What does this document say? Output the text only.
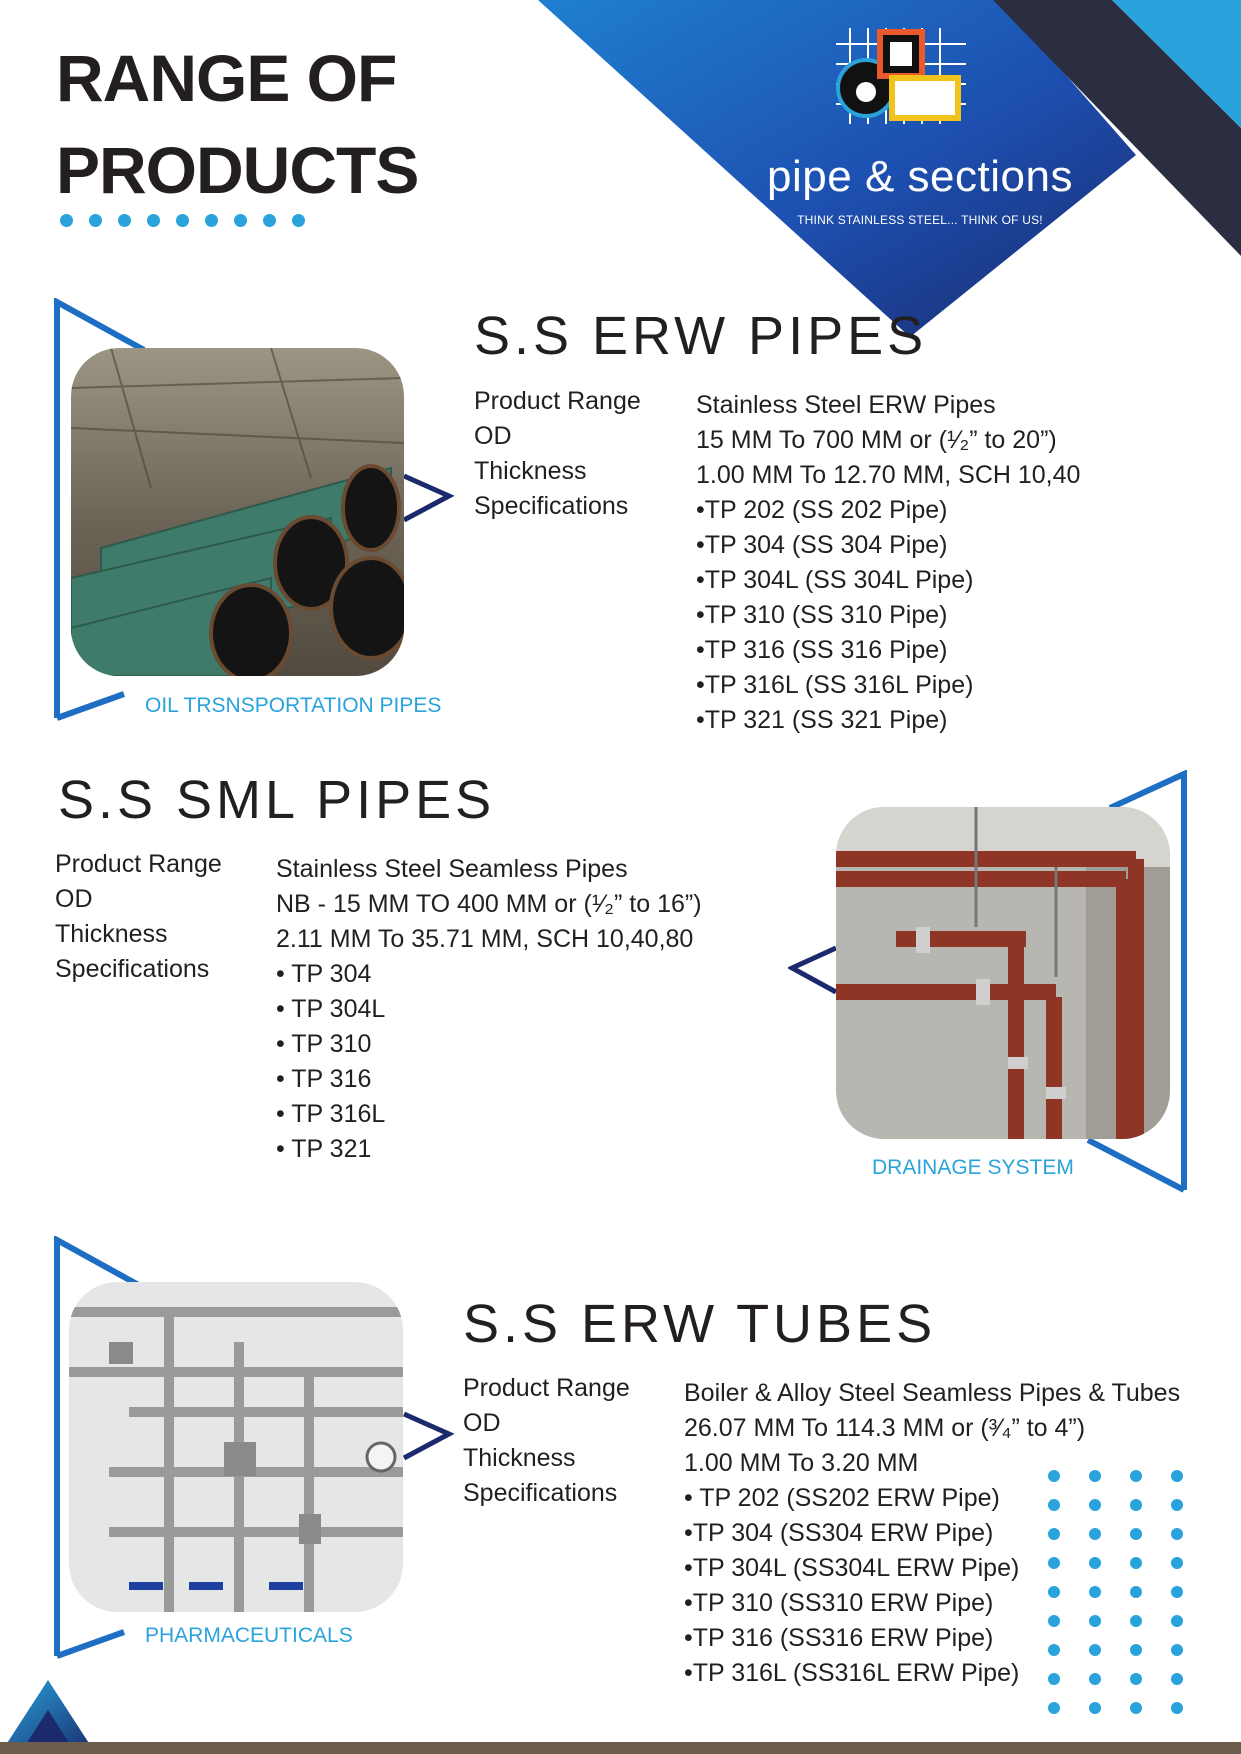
RANGE OF
PRODUCTS	pipe & sections
THINK STAINLESS STEEL... THINK OF US!
OIL TRSNSPORTATION PIPES
S.S ERW PIPES
Product Range
OD
Thickness
Specifications
Stainless Steel ERW Pipes
15 MM To 700 MM or (¹⁄₂” to 20”)
1.00 MM To 12.70 MM, SCH 10,40
•TP 202 (SS 202 Pipe)
•TP 304 (SS 304 Pipe)
•TP 304L (SS 304L Pipe)
•TP 310 (SS 310 Pipe)
•TP 316 (SS 316 Pipe)
•TP 316L (SS 316L Pipe)
•TP 321 (SS 321 Pipe)
S.S SML PIPES
Product Range
OD
Thickness
Specifications
Stainless Steel Seamless Pipes
NB - 15 MM TO 400 MM or (¹⁄₂” to 16”)
2.11 MM To 35.71 MM, SCH 10,40,80
• TP 304
• TP 304L
• TP 310
• TP 316
• TP 316L
• TP 321
DRAINAGE SYSTEM
PHARMACEUTICALS
S.S ERW TUBES
Product Range
OD
Thickness
Specifications
Boiler & Alloy Steel Seamless Pipes & Tubes
26.07 MM To 114.3 MM or (³⁄₄” to 4”)
1.00 MM To 3.20 MM
• TP 202 (SS202 ERW Pipe)
•TP 304 (SS304 ERW Pipe)
•TP 304L (SS304L ERW Pipe)
•TP 310 (SS310 ERW Pipe)
•TP 316 (SS316 ERW Pipe)
•TP 316L (SS316L ERW Pipe)
